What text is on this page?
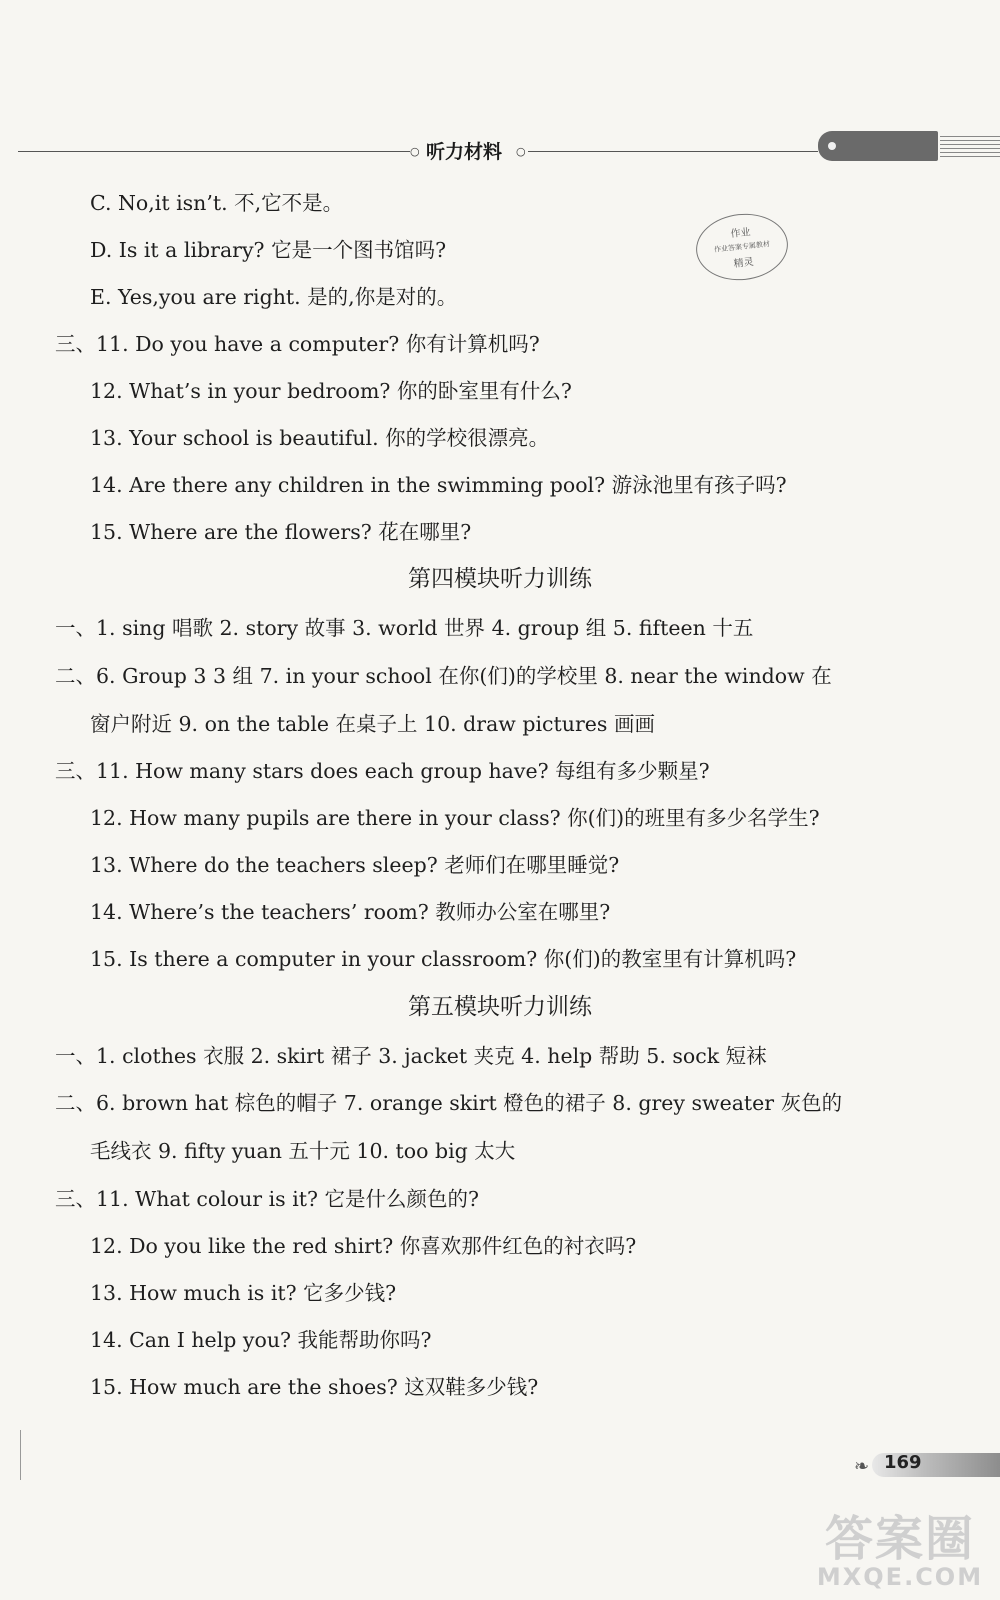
○ 听力材料 ○
作业
作业答案专属教材
精灵
C. No,it isn’t. 不,它不是。
D. Is it a library? 它是一个图书馆吗?
E. Yes,you are right. 是的,你是对的。
三、11. Do you have a computer? 你有计算机吗?
12. What’s in your bedroom? 你的卧室里有什么?
13. Your school is beautiful. 你的学校很漂亮。
14. Are there any children in the swimming pool? 游泳池里有孩子吗?
15. Where are the flowers? 花在哪里?
第四模块听力训练
一、1. sing 唱歌 2. story 故事 3. world 世界 4. group 组 5. fifteen 十五
二、6. Group 3 3 组 7. in your school 在你(们)的学校里 8. near the window 在
窗户附近 9. on the table 在桌子上 10. draw pictures 画画
三、11. How many stars does each group have? 每组有多少颗星?
12. How many pupils are there in your class? 你(们)的班里有多少名学生?
13. Where do the teachers sleep? 老师们在哪里睡觉?
14. Where’s the teachers’ room? 教师办公室在哪里?
15. Is there a computer in your classroom? 你(们)的教室里有计算机吗?
第五模块听力训练
一、1. clothes 衣服 2. skirt 裙子 3. jacket 夹克 4. help 帮助 5. sock 短袜
二、6. brown hat 棕色的帽子 7. orange skirt 橙色的裙子 8. grey sweater 灰色的
毛线衣 9. fifty yuan 五十元 10. too big 太大
三、11. What colour is it? 它是什么颜色的?
12. Do you like the red shirt? 你喜欢那件红色的衬衣吗?
13. How much is it? 它多少钱?
14. Can I help you? 我能帮助你吗?
15. How much are the shoes? 这双鞋多少钱?
❧ 169
答案圈
MXQE.COM
